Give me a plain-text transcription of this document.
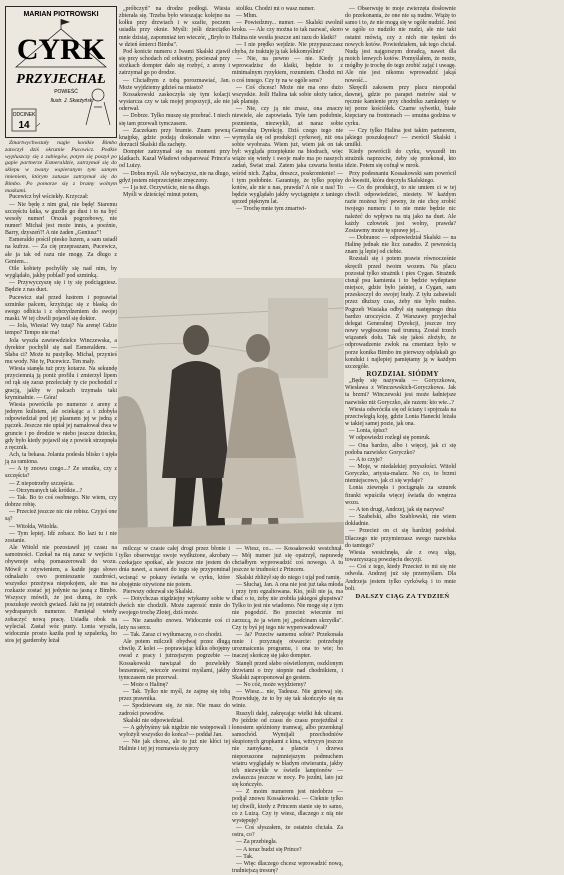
MARIAN PIOTROWSKI
CYRK
PRZYJECHAŁ
POWIEŚĆ
Ilustr. J. Skarżyński
ODCINEK
14

Zmartwychwstały nagle konikie Bimbo zatoczył dziś okrutnie Pucowicz. Podkie wypluszczy się z zabiegów, potym się poszył po gapie partnerze Esmeraldzie, zatrzymał się do sklepu w zwany wspieranym tym samym imieniem, którym zatusze zatrzymał się do Bimbo. Po pomorze się z bramy wolnym maskami.

Pucewicz był wściekły. Krzyczał:

— Nie będę z nim grał, nie będę! Staremu szczęściu łatka, w guzdle go dusi i to na być wesoły numer! Orszak pogrzebowy, nie numer! Michał jest może innis, a poeźnie, Barry, dzyszeń?! A nie żaden „Geniusz"!

Esmeraldo pościł piesko luzem, a sam usiadł na kufrze. — Za cię przepraszam, Pucewicz, ale ja tak od razu nie mogę. Za długo z Geniem...

Oile kobiety pochyliły się nad nim, by wyglądało, jakby poblad! pod szminką.

— Przywyczyszę się i ty się podciągniesz. Będzie z nas duet.

Pucewicz stał przed lustrem i poprawiał szminke palcem, krzyżując się z blaską do swego odbicia i z obrzydzeniem do swojej maski. W tej chwili pojawił się doktor.

— Jola, Wiesia! Wy tutaj? Na arenę! Gdzie tempo? Tempo nie ma!

Jola wyszła zawiewdzielce Winczewska, a dyrektor pochylił się nad Esmeraldem. — Słaba ci? Może tu pustylkę. Michał, przynieś mu wody. Nie ty, Pucewicz. Ten mały.

Wiesia stanęła tuż przy kotarze. Na sekundę przyciemnią ją poniż profilu i zmierzył lipem od rąk się zaraz przeleciały ty cie pochodził z gracją, jakby w palcach trzymała taki kryminałnie. — Góra!

Wiesia powróciła po numerze z areny z jednym kulistem, ale ociekając a i zdobyła odpowiedział pod jej plasmem jej w jedną z pączek. Jeszcze nie upiał jej namałował dwa w gruncie i po drodzie w niebo jeszcze dziecku, gdy było kiedy pojawił się z powiek strzepnęła z ręcznik.

Ach, ta bekasa. Jolanta podesła blisko i ujęła ją za ramiona.

— A ty znowu czego...? Ze smutku, czy z szczęścia?

— Z niepotrzeby szczęścia.

— Otrzymanych tak krótkie...?

— Tak. Bo to coś osobnego. Nie wiem, czy dobrze robię.

— Przecież jeszcze nic nie robisz. Czyjeś one są?

— Witolda, Witolda.

— Tym lepiej. Idź zobacz. Bo lazi tu i nie zostanie.

Ale Witold nie pozostawił jej czasu na samotności. Czekał na nią zaraz w wejściu i obywnoje sobą pomaszerowali do wozu. Mówił z ożywieniem, a każde jego słowo odnalazło owo pomieszanie zazdrości, wszystko przeżywa niepokojem, ale ma na rozkazie zostać jej jedynie na jasną z Bimbo. Wszyscy mówili, że jest dumą, że cyrk poszukuje swoich gwiazd. Jaki na jej ostatnich wydrapanych numerze. Pamiętał wtedy zobaczyć nową pracę. Usiadła obok na wyleciał. Zastał wóz pusty. Lonia wyszła, widocznie prosto kaziła pod tę szpalerką, bo stos jej garderoby leżał

„próbczyń" na drodze podłogi. Wiesia zbierała się. Trzeba było wieszając kolejno na kołku przy drzwiach i w szafie, poczem usiadła przy oknie. Myśli: jeśli dzieciątko mnie dzisiaj, zapomniaż ten wieczór, „Bryło to w dzień śmierci Bimba".

Pod konicie numeru z Iwami Skalski zjawił się przy schodach od orkiestry, pocieszał przy stożkach dompter dało się rozbyć, z areny i zatrzymał go po drodze.

— Chciałbym z tobą porozmawiać, Jan. Może wyjdziemy gdzieś na miasto?

Kossakowski zaskoczyła się tym kolacji wystarcza czy w tak mojej propozycji, ale nie oderwał.

— Dobrze. Tylko muszę się przebrać. I niech się tam przewali tymczasem.

— Zaczekam przy bramie. Znam pewną knajpkę, gdzie podają doskonałe wino — dorzucił Skalski dla zachęty.

Dompter zatrzymał się na moment przy klatkach. Kazał Władowi odsparować Prince'a od Luizy.

— Dobra myśl. Ale wybaczysz, nie na długo, gdyż jestem nieprzeciętnie zmęczony.

— I ja też. Oczywiście, nie na długo.

Myśli w dzieścięć minut potem,

milcząc w czasie całej drogi przez błonie i tylko obserwując swoje wydłużone, akrobaty czekające spotkać, ale jeszcze nie jestem do dnia nawet, a nawet do tego się przypominał wcisnąć w pokazy światła w cyrku, które obojętnie ożywione nie potem.

Pierwszy odezwał się Skalski.

— Dotychczas nigdziejny wtykamy sobie w dwóch nie chodzili. Może zaprosić mnie do swojego trochę Złotej, dziś może.

— Nie zanadto znowu. Widocznie coś ci leży na sercu.

— Tak. Zaraz ci wytłumaczę, o co chodzi.

Ale potem milczeli obydwaj przez długą chwilę. Z kolei — poprawiając kilku obojętny owad z pracy i jutrzejszym pogrzebie — Kossakowski nawiązał do pozwlekły bezsenność, wieczór swoimi myślami, jakby tymczasem nie przerwał.

— Może o Halinę?

— Tak. Tylko nie myśl, że zajmę się tobą przez prawnika.

— Spodziewam się, że nie. Nie masz do zadrości powodów.

Skalski nie odpowiedział.

— A gdybyśmy tak nigdzie nie wstępowali i wyłożyli wszystko do końca?— poddał Jan.

— Nie jak chcesz, ale to już nie kłóci tej Halinie i tej jej rozmawia się przy

stoliku. Chodzi mi o wasz numer.

— Mhm.

— Powiedzmy... numer. — Skalski zwolnił kroku. — Ale czy można to tak nazwać, skoro Halina nie wesiła jeszcze ani razu do klatki?

— I nie prędko wejdzie. Nie przypuszczasz chyba, że traktuję ją tak lekkomyślnie?

— Nie, na pewno — nie. Kiedy ją wprowadzisz do klatki, będzie to z minimalnym ryzykiem, rozumiem. Chodzi mi o coś innego. Czy ty na w ogóle sens?

— Coś chcesz! Może nie ma ono dużo wszystkie. Jeśli Halina tak sobie ułoży tańce, jak planuję.

— Nie, czy ją nie znasz, ona znaczy niewiele, ale zapowiada. Tyle tam podobnie, pozmienia, niezwykli, aż naraz sobie Generalną Dyrekcję. Dziś czego tego nie wymyśla się od produkcji cyrkowej, niż ona sobie wyobraża. Wiem już, wiem jak on tak był: wygląda przepięknie na biodrach, więc wiąże się wtedy i swoje mało ma po naszych zadań, Świat znał. Zatem jaka czwarta bestia wśród nich. Żądza, dreszcz, poskromienie! — i tym podobnie. Garantuję, że tylko popisy kotów, ale nie u nas, prawda? A nie u nas! To będzie wyglądało jakby wyciągnięte z taniego sprzed pięknym lat.

— Trochę mnie tym zmartwi-

— Wiesz, co... — Kossakowski westchnął. — Mój numer już się opatrzył, naprawdę chciałbym wyprowadzić coś nowego. A tu jeszcze te trudności z Princem.

Skalski zbliżył się do niego i ujął pod ramię.

— Słuchaj, Jan. A ona nie jest już taka młoda i przy tym egzaltowana. Kto, jeśli nie ja, ma dbać o to, żeby nie zrobiła jakiegoś głupstwa? Tylko to jest nie wiadomo. Nie mogę się z tym nie pogodzić. Bo przecież wiecznie mi zarzucą, że ja wiem jej „podcinam skrzydła". Czy ty byś jej tego nie wyperswadował?

— Ja? Przeciw samemu sobie? Przekonała mnie i przyznaję otwarcie: potrzebuję urozmaicenia programu, i ona to wie; bo inaczej skończę się jako dompter.

Stanęli przed słabo oświetlonym, oszklonym drzwiami o trzy stopnie nad chodnikiem, i Skalski zaproponował go gestem.

— No cóż, może wyjdziemy?

— Wiesz... nie, Tadeusz. Nie gniewaj się. Przewiduję, że to by się tak skończyło się na winie.

Ruszyli dalej, zakręcając wielki łuk ulicami. Po jeździe od czasu do czasu przejeżdżał z łonostem spóźniony tramwaj, albo przemknął samochód. Wymijali przechodniów skupionych grupkami z kina, witrycyn jeszcze nie zamykano, a plancie i drzewa nieporuszone najmniejszym podmuchem wiatru wyglądały w bladym otwieraniu, jakby ich niezwykle w świetle lampionów — zwłaszcza jeszcze w nocy. Po jezdni, lato już się kończyło.

— Z moim numerem jest niedobrze — podjął znowu Kossakowski. — Cieknie tylko tej chwili, kiedy z Princem stanie się to samo, co z Luizą. Czy ty wiesz, dlaczego z nią nie występuję?

— Coś słyszałem, że ostatnio chciała. Za ostra, co?

— Za przebiegła.

— A teraz budzi się Prince?

— Tak.

— Więc dlaczego chcesz wprowadzić nową, trudniejszą tresurę?

— Obserwuję te moje zwierzęta dosłownie do przekonania, że one nie są nudne. Wiążę to samo i to, że nie mogą się w ogóle nudzić. Jest w ogóle co nudziło nie nudzi, ale nie taki ostatni mówią, czy z nich nie tęskni do nowych kotów. Powiedziałem, tak tego chciał. Nudą jest najgorszym doradcą, nawet dla moich lenwych kotów. Pomyślałem, że może, mógłby je trochę do tego zrobić zająć i uwagę. Ale nie jest nikomu wprowadzić jakąś nowość...

Skręcili zakosem przy placu nieopodal dawnej, gdzie po parapet metrów stał w ręcznie kamienie przy chodniku zamknięty w tej porze kościółek. Czarne sylwetki, białe kiepciary na frontonach — smutna godzina w cyrku.

— Czy tylko Halina jest takim partnerem, jakiego poszukujesz? — zwrócił Skalski i umilkł.

Kiedy powrócili do cyrku, wyszedł im strażnik naprzeciw, żeby się przekonał, kto idzie. Potem się cofnął w mrok.

Przy podesnaniu Kossakowski sam powrócił do kwestii, która dręczyła Skalskiego.

— Co do produkcji, to nie umiem ci w tej chwili odpowiedzieć, niestety. W każdym razie możesz być pewny, że nie chcę zrobić twojego numeru i to nie mnie będzie nic należeć do wpływu na nią jako na duet. Ale każdy człowiek jest wolny, prawda? Zostawmy może tę sprawę jej...

— Dobranoc — odpowiedział Skalski — na Halinę jednak nie licz zanadto. Z pewnością znam ją lepiej od ciebie.

Rozstali się i potem prawie równocześnie skręcili przed twoim wozem. Na placu pozostał tylko strażnik i pies Cygan. Strażnik cisnął psu kamienia i to będzie wydeptane miejsce, gdzie było jaśniej, a Cygan, sam przeskoczył do swojej budy. Z tyłu zabawiali przez dłuższy czas, żeby nie było nudno. Pogrzeb Wasiaka odbył się następnego dnia bardzo uroczyście. Z Warszawy przyjechał delegat Generalnej Dyrekcji, jeszcze trzy nowy wygłoszono nad trumną. Został trzech wiązanek dołu. Tak się jakoś złożyło, że odprowadzenie zwłok na cmentarz było w porze konika Bimbo im pierwszy odpłakali go kondukt i najlepiej pamiętamy ją w każdym szczególe.

ROZDZIAŁ SIÓDMY

„Będę się nazywała — Goryczkowa, Wiesława z Winczewskich-Goryczkowa. Jak ta brzmi? Winczewski jest może ładniejsze nazwisko niż Goryczko, ale razem: kto wie...?

Wiesia odwróciła się od ściany i spojrzała na przeciwległą koję, gdzie Lonia Hanecki leżała w takiej samej pozie, jak ona.

— Lonia, śpisz?

W odpowiedzi rozległ się pomruk.

— Ona bardzo, albo i więcej, jak ci się podoba nazwisko: Goryczko?

— A to czyje?

— Moje, w niedalekiej przyszłości. Witold Goryczko, artysta-malarz. No co, to brzmi niemiejscowo, jak ci się wydaje?

Lonia ziewnęła i pociągnąła za sznurek firanki wpuściła więcej światła do wnętrza wozu.

— A ten drugi, Andrzej, jak się nazywa?

— Szabelski, albo Szablowski, nie wiem dokładnie.

— Przecież on ci się bardziej podobał. Dlaczego nie przymierzasz swego nazwiska do tamtego?

Wiesia westchnęła, ale z ową ulgą, towarzyszącą powzięciu decyzji.

— Coś z tego, kiedy Przecież to mi się nie odwoła. Andrzej już się przemyślam. Dla Andrzeja jestem tylko cyrkówką i to mnie boli.

DALSZY CIĄG ZA TYDZIEŃ
